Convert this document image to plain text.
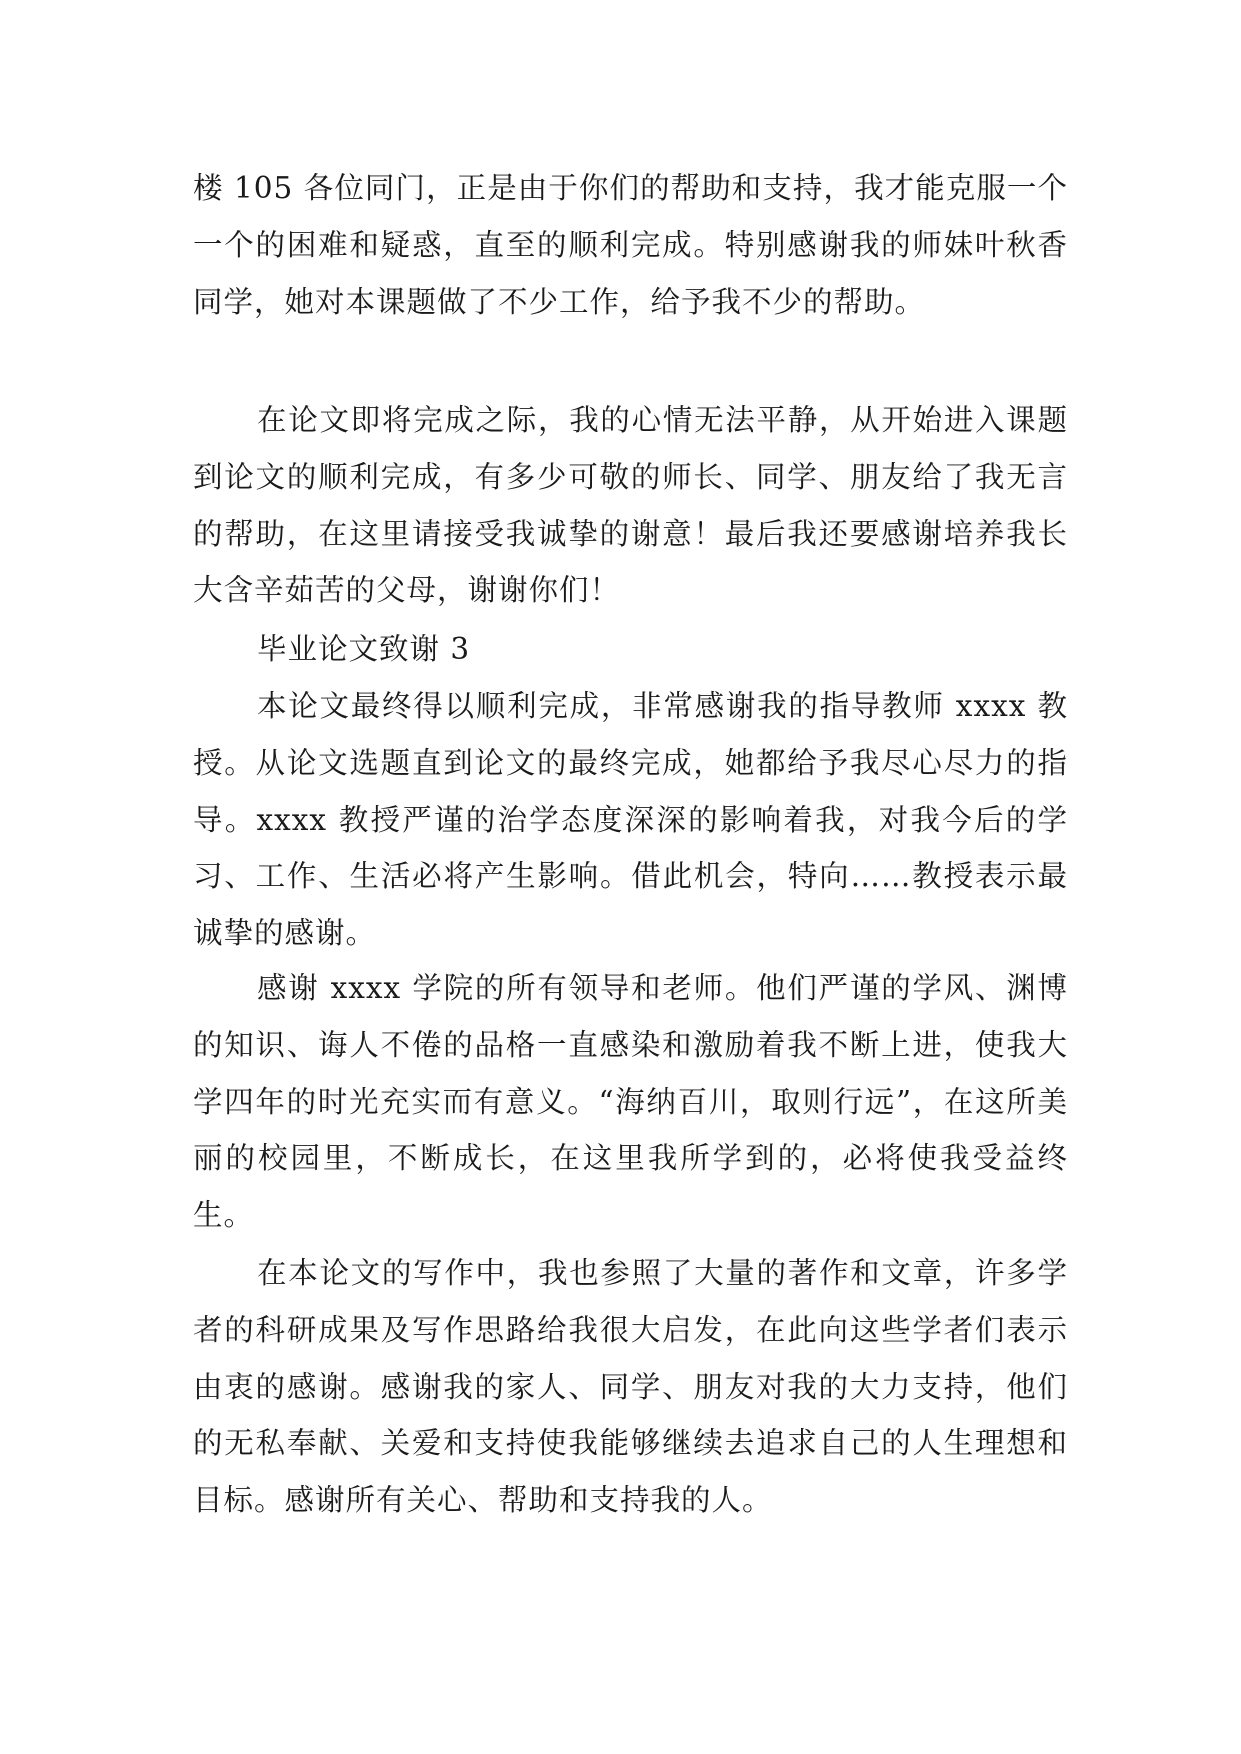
楼 105 各位同门，正是由于你们的帮助和支持，我才能克服一个一个的困难和疑惑，直至的顺利完成。特别感谢我的师妹叶秋香同学，她对本课题做了不少工作，给予我不少的帮助。

在论文即将完成之际，我的心情无法平静，从开始进入课题到论文的顺利完成，有多少可敬的师长、同学、朋友给了我无言的帮助，在这里请接受我诚挚的谢意！最后我还要感谢培养我长大含辛茹苦的父母，谢谢你们！

毕业论文致谢 3

本论文最终得以顺利完成，非常感谢我的指导教师 xxxx 教授。从论文选题直到论文的最终完成，她都给予我尽心尽力的指导。xxxx 教授严谨的治学态度深深的影响着我，对我今后的学习、工作、生活必将产生影响。借此机会，特向……教授表示最诚挚的感谢。

感谢 xxxx 学院的所有领导和老师。他们严谨的学风、渊博的知识、诲人不倦的品格一直感染和激励着我不断上进，使我大学四年的时光充实而有意义。“海纳百川，取则行远”，在这所美丽的校园里，不断成长，在这里我所学到的，必将使我受益终生。

在本论文的写作中，我也参照了大量的著作和文章，许多学者的科研成果及写作思路给我很大启发，在此向这些学者们表示由衷的感谢。感谢我的家人、同学、朋友对我的大力支持，他们的无私奉献、关爱和支持使我能够继续去追求自己的人生理想和目标。感谢所有关心、帮助和支持我的人。
